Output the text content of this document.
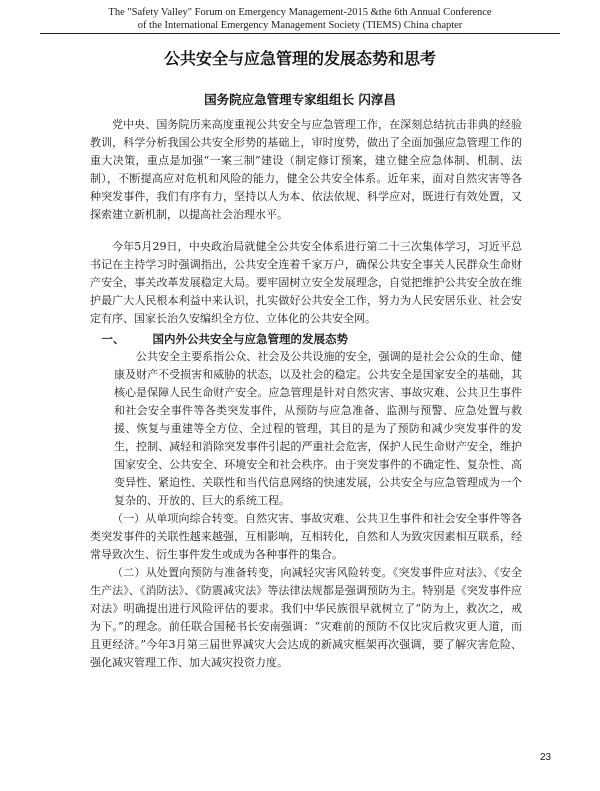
The "Safety Valley" Forum on Emergency Management-2015 &the 6th Annual Conference
of the International Emergency Management Society (TIEMS) China chapter
公共安全与应急管理的发展态势和思考
国务院应急管理专家组组长 闪淳昌

党中央、国务院历来高度重视公共安全与应急管理工作，在深刻总结抗击非典的经验教训，科学分析我国公共安全形势的基础上，审时度势，做出了全面加强应急管理工作的重大决策，重点是加强“一案三制”建设（制定修订预案，建立健全应急体制、机制、法制），不断提高应对危机和风险的能力，健全公共安全体系。近年来，面对自然灾害等各种突发事件，我们有序有力，坚持以人为本、依法依规、科学应对，既进行有效处置，又探索建立新机制，以提高社会治理水平。

今年5月29日，中央政治局就健全公共安全体系进行第二十三次集体学习，习近平总书记在主持学习时强调指出，公共安全连着千家万户，确保公共安全事关人民群众生命财产安全，事关改革发展稳定大局。要牢固树立安全发展理念，自觉把维护公共安全放在维护最广大人民根本利益中来认识，扎实做好公共安全工作，努力为人民安居乐业、社会安定有序、国家长治久安编织全方位、立体化的公共安全网。

一、 国内外公共安全与应急管理的发展态势

公共安全主要系指公众、社会及公共设施的安全，强调的是社会公众的生命、健康及财产不受损害和威胁的状态，以及社会的稳定。公共安全是国家安全的基础，其核心是保障人民生命财产安全。应急管理是针对自然灾害、事故灾难、公共卫生事件和社会安全事件等各类突发事件，从预防与应急准备、监测与预警、应急处置与救援、恢复与重建等全方位、全过程的管理，其目的是为了预防和减少突发事件的发生，控制、减轻和消除突发事件引起的严重社会危害，保护人民生命财产安全，维护国家安全、公共安全、环境安全和社会秩序。由于突发事件的不确定性、复杂性、高变异性、紧迫性、关联性和当代信息网络的快速发展，公共安全与应急管理成为一个复杂的、开放的、巨大的系统工程。

（一）从单项向综合转变。自然灾害、事故灾难、公共卫生事件和社会安全事件等各类突发事件的关联性越来越强，互相影响，互相转化，自然和人为致灾因素相互联系，经常导致次生、衍生事件发生或成为各种事件的集合。

（二）从处置向预防与准备转变，向减轻灾害风险转变。《突发事件应对法》、《安全生产法》、《消防法》、《防震减灾法》等法律法规都是强调预防为主。特别是《突发事件应对法》明确提出进行风险评估的要求。我们中华民族很早就树立了“防为上，救次之，戒为下。”的理念。前任联合国秘书长安南强调：“灾难前的预防不仅比灾后救灾更人道，而且更经济。”今年3月第三届世界减灾大会达成的新减灾框架再次强调，要了解灾害危险、强化减灾管理工作、加大减灾投资力度。

23
